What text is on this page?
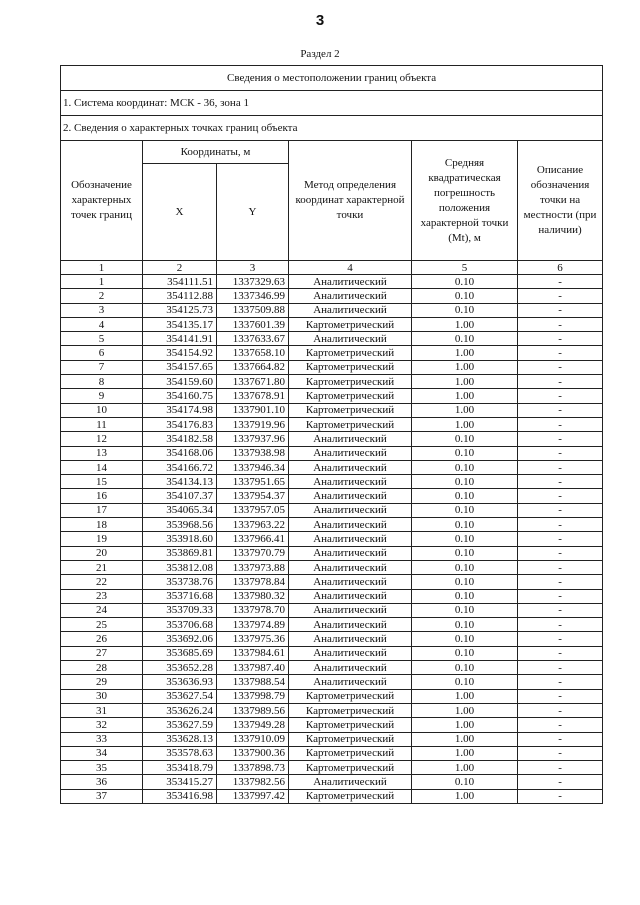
3
Раздел 2
Сведения о местоположении границ объекта					
1. Система координат: МСК - 36, зона 1					
2. Сведения о характерных точках границ объекта					
Обозначение характерных точек границ	Координаты, м		Метод определения координат характерной точки	Средняя квадратическая погрешность положения характерной точки (Mt), м	Описание обозначения точки на местности (при наличии)
	X	Y			
1	2	3	4	5	6
1	354111.51	1337329.63	Аналитический	0.10	-
2	354112.88	1337346.99	Аналитический	0.10	-
3	354125.73	1337509.88	Аналитический	0.10	-
4	354135.17	1337601.39	Картометрический	1.00	-
5	354141.91	1337633.67	Аналитический	0.10	-
6	354154.92	1337658.10	Картометрический	1.00	-
7	354157.65	1337664.82	Картометрический	1.00	-
8	354159.60	1337671.80	Картометрический	1.00	-
9	354160.75	1337678.91	Картометрический	1.00	-
10	354174.98	1337901.10	Картометрический	1.00	-
11	354176.83	1337919.96	Картометрический	1.00	-
12	354182.58	1337937.96	Аналитический	0.10	-
13	354168.06	1337938.98	Аналитический	0.10	-
14	354166.72	1337946.34	Аналитический	0.10	-
15	354134.13	1337951.65	Аналитический	0.10	-
16	354107.37	1337954.37	Аналитический	0.10	-
17	354065.34	1337957.05	Аналитический	0.10	-
18	353968.56	1337963.22	Аналитический	0.10	-
19	353918.60	1337966.41	Аналитический	0.10	-
20	353869.81	1337970.79	Аналитический	0.10	-
21	353812.08	1337973.88	Аналитический	0.10	-
22	353738.76	1337978.84	Аналитический	0.10	-
23	353716.68	1337980.32	Аналитический	0.10	-
24	353709.33	1337978.70	Аналитический	0.10	-
25	353706.68	1337974.89	Аналитический	0.10	-
26	353692.06	1337975.36	Аналитический	0.10	-
27	353685.69	1337984.61	Аналитический	0.10	-
28	353652.28	1337987.40	Аналитический	0.10	-
29	353636.93	1337988.54	Аналитический	0.10	-
30	353627.54	1337998.79	Картометрический	1.00	-
31	353626.24	1337989.56	Картометрический	1.00	-
32	353627.59	1337949.28	Картометрический	1.00	-
33	353628.13	1337910.09	Картометрический	1.00	-
34	353578.63	1337900.36	Картометрический	1.00	-
35	353418.79	1337898.73	Картометрический	1.00	-
36	353415.27	1337982.56	Аналитический	0.10	-
37	353416.98	1337997.42	Картометрический	1.00	-
